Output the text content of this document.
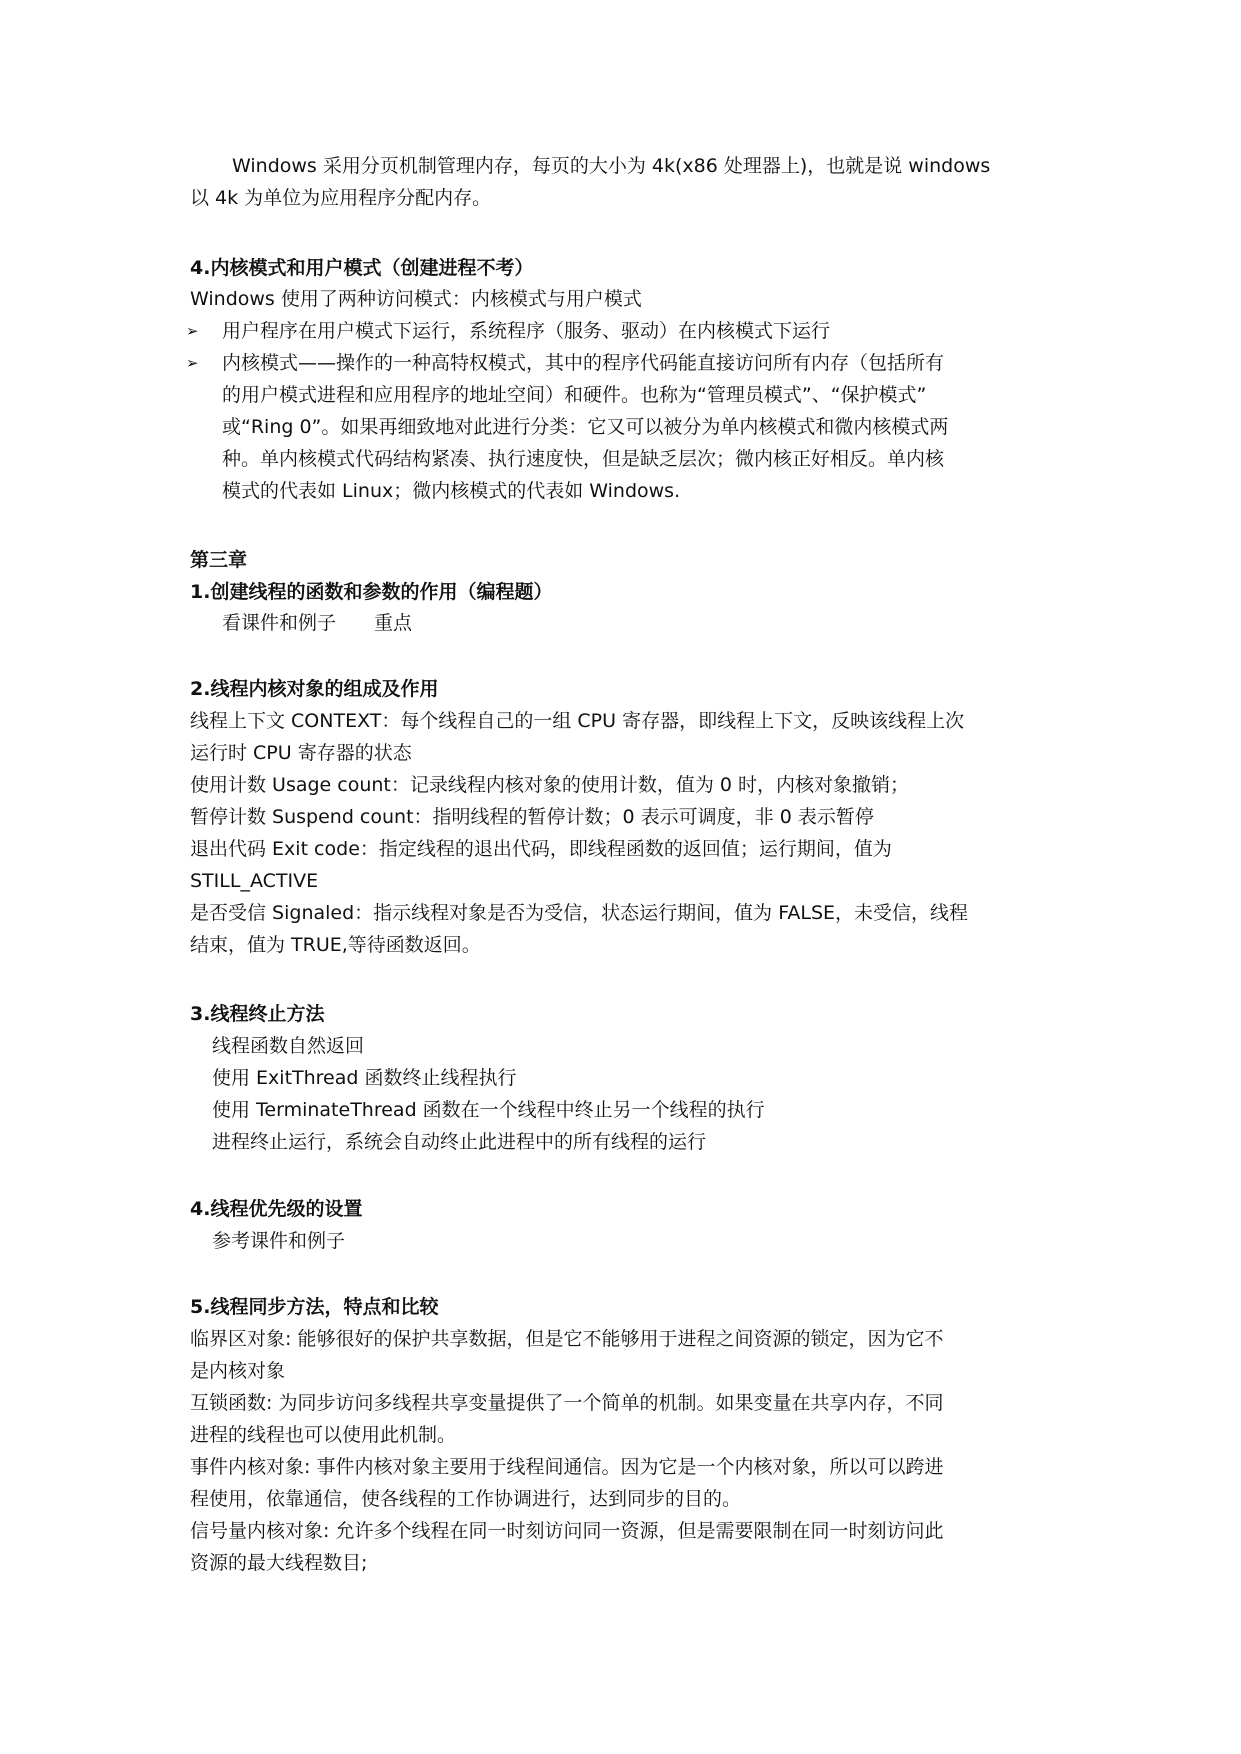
Windows 采用分页机制管理内存，每页的大小为 4k(x86 处理器上)，也就是说 windows
以 4k 为单位为应用程序分配内存。
4.内核模式和用户模式（创建进程不考）
Windows 使用了两种访问模式：内核模式与用户模式
➢ 用户程序在用户模式下运行，系统程序（服务、驱动）在内核模式下运行
➢ 内核模式——操作的一种高特权模式，其中的程序代码能直接访问所有内存（包括所有
的用户模式进程和应用程序的地址空间）和硬件。也称为“管理员模式”、“保护模式”
或“Ring 0”。如果再细致地对此进行分类：它又可以被分为单内核模式和微内核模式两
种。单内核模式代码结构紧凑、执行速度快，但是缺乏层次；微内核正好相反。单内核
模式的代表如 Linux；微内核模式的代表如 Windows.
第三章
1.创建线程的函数和参数的作用（编程题）
看课件和例子　　重点
2.线程内核对象的组成及作用
线程上下文 CONTEXT：每个线程自己的一组 CPU 寄存器，即线程上下文，反映该线程上次
运行时 CPU 寄存器的状态
使用计数 Usage count：记录线程内核对象的使用计数，值为 0 时，内核对象撤销；
暂停计数 Suspend count：指明线程的暂停计数；0 表示可调度，非 0 表示暂停
退出代码 Exit code：指定线程的退出代码，即线程函数的返回值；运行期间，值为
STILL_ACTIVE
是否受信 Signaled：指示线程对象是否为受信，状态运行期间，值为 FALSE，未受信，线程
结束，值为 TRUE,等待函数返回。
3.线程终止方法
线程函数自然返回
使用 ExitThread 函数终止线程执行
使用 TerminateThread 函数在一个线程中终止另一个线程的执行
进程终止运行，系统会自动终止此进程中的所有线程的运行
4.线程优先级的设置
参考课件和例子
5.线程同步方法，特点和比较
临界区对象: 能够很好的保护共享数据，但是它不能够用于进程之间资源的锁定，因为它不
是内核对象
互锁函数: 为同步访问多线程共享变量提供了一个简单的机制。如果变量在共享内存，不同
进程的线程也可以使用此机制。
事件内核对象: 事件内核对象主要用于线程间通信。因为它是一个内核对象，所以可以跨进
程使用，依靠通信，使各线程的工作协调进行，达到同步的目的。
信号量内核对象: 允许多个线程在同一时刻访问同一资源，但是需要限制在同一时刻访问此
资源的最大线程数目;
